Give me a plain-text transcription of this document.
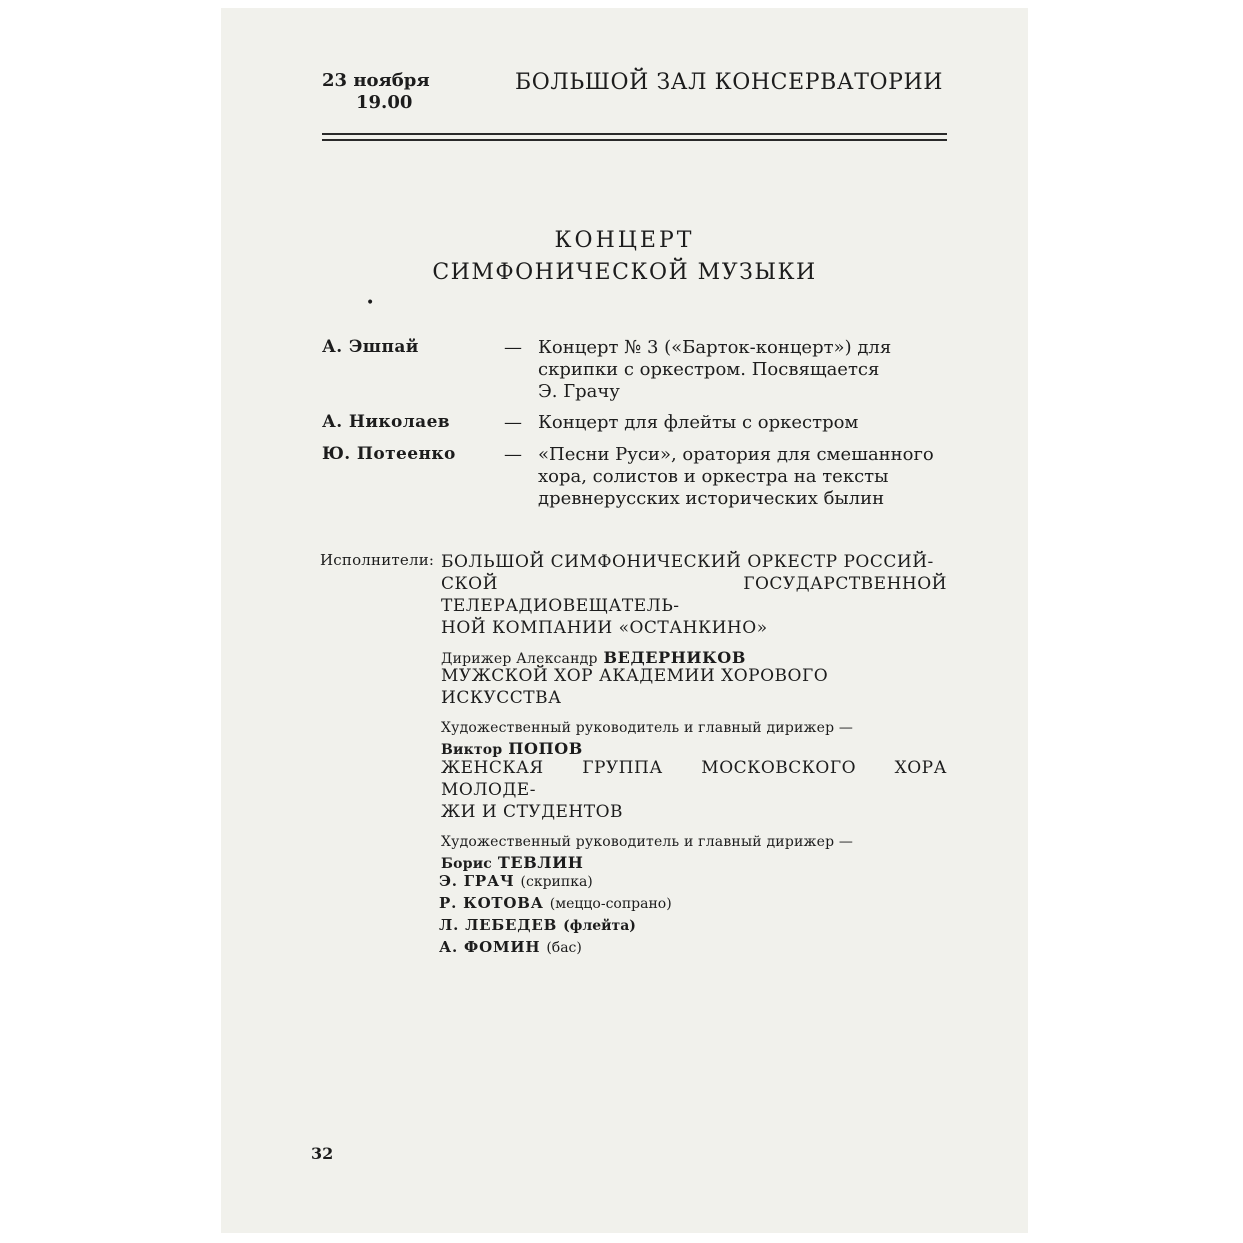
23 ноября
19.00
БОЛЬШОЙ ЗАЛ КОНСЕРВАТОРИИ
КОНЦЕРТ
СИМФОНИЧЕСКОЙ МУЗЫКИ
•
А. Эшпай	— Концерт № 3 («Барток-концерт») для
скрипки с оркестром. Посвящается
Э. Грачу
А. Николаев	— Концерт для флейты с оркестром
Ю. Потеенко	— «Песни Руси», оратория для смешанного
хора, солистов и оркестра на тексты
древнерусских исторических былин
Исполнители: БОЛЬШОЙ СИМФОНИЧЕСКИЙ ОРКЕСТР РОССИЙ-
СКОЙ ГОСУДАРСТВЕННОЙ ТЕЛЕРАДИОВЕЩАТЕЛЬ-
НОЙ КОМПАНИИ «ОСТАНКИНО»
Дирижер Александр ВЕДЕРНИКОВ
МУЖСКОЙ ХОР АКАДЕМИИ ХОРОВОГО ИСКУССТВА
Художественный руководитель и главный дирижер —
Виктор ПОПОВ
ЖЕНСКАЯ ГРУППА МОСКОВСКОГО ХОРА МОЛОДЕ-
ЖИ И СТУДЕНТОВ
Художественный руководитель и главный дирижер —
Борис ТЕВЛИН
Э. ГРАЧ (скрипка)
Р. КОТОВА (меццо-сопрано)
Л. ЛЕБЕДЕВ (флейта)
А. ФОМИН (бас)
32
